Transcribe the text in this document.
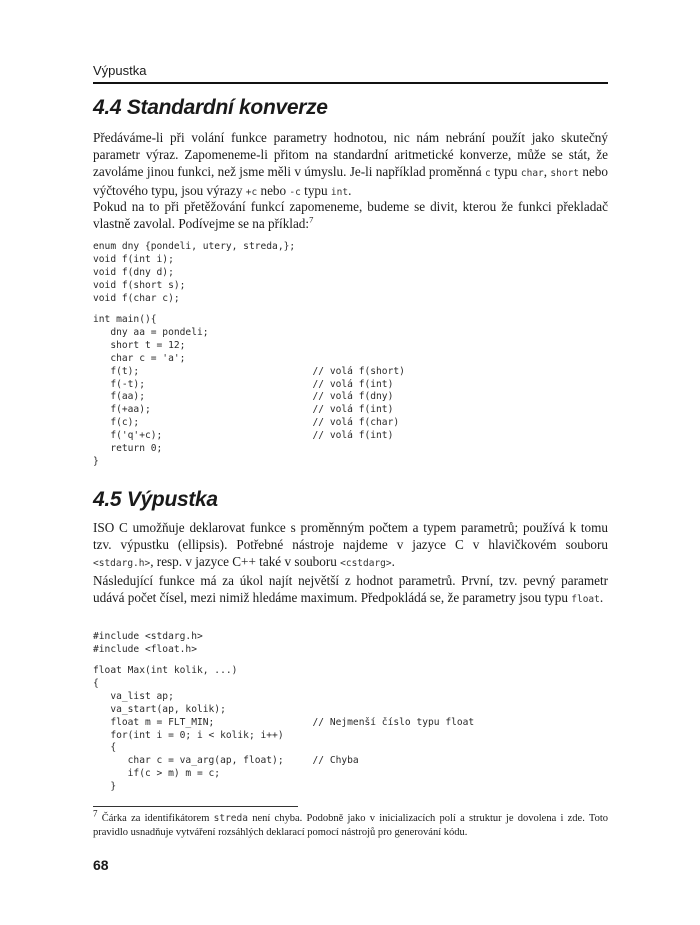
Výpustka
4.4 Standardní konverze

Předáváme-li při volání funkce parametry hodnotou, nic nám nebrání použít jako skutečný parametr výraz. Zapomeneme-li přitom na standardní aritmetické konverze, může se stát, že zavoláme jinou funkci, než jsme měli v úmyslu. Je-li například proměnná c typu char, short nebo výčtového typu, jsou výrazy +c nebo -c typu int.

Pokud na to při přetěžování funkcí zapomeneme, budeme se divit, kterou že funkci překladač vlastně zavolal. Podívejme se na příklad:$^7$

enum dny {pondeli, utery, streda,};
void f(int i);
void f(dny d);
void f(short s);
void f(char c);
int main(){
dny aa = pondeli;
short t = 12;
char c = 'a';
f(t);                              // volá f(short)
f(-t);                             // volá f(int)
f(aa);                             // volá f(dny)
f(+aa);                            // volá f(int)
f(c);                              // volá f(char)
f('q'+c);                          // volá f(int)
return 0;
}
4.5 Výpustka

ISO C umožňuje deklarovat funkce s proměnným počtem a typem parametrů; používá k tomu tzv. výpustku (ellipsis). Potřebné nástroje najdeme v jazyce C v hlavičkovém souboru <stdarg.h>, resp. v jazyce C++ také v souboru <cstdarg>.

Následující funkce má za úkol najít největší z hodnot parametrů. První, tzv. pevný parametr udává počet čísel, mezi nimiž hledáme maximum. Předpokládá se, že parametry jsou typu float.

#include <stdarg.h>
#include <float.h>
float Max(int kolik, ...)
{
va_list ap;
va_start(ap, kolik);
float m = FLT_MIN;                 // Nejmenší číslo typu float
for(int i = 0; i < kolik; i++)
{
char c = va_arg(ap, float);     // Chyba
if(c > m) m = c;
}

$^7$ Čárka za identifikátorem streda není chyba. Podobně jako v inicializacích polí a struktur je dovolena i zde. Toto pravidlo usnadňuje vytváření rozsáhlých deklarací pomocí nástrojů pro generování kódu.

68
